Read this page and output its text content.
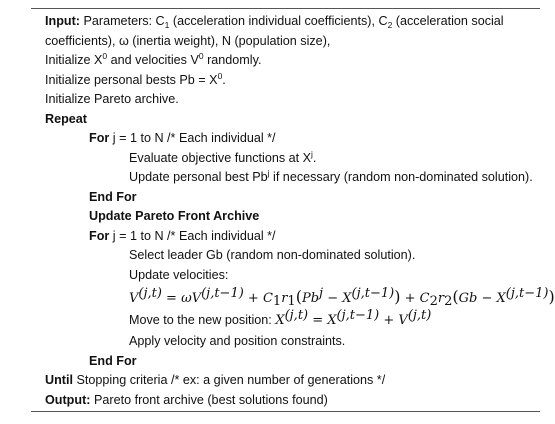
Input: Parameters: $C_1$ (acceleration individual coefficients), $C_2$ (acceleration social
coefficients), ω (inertia weight), N (population size),
Initialize $X^0$ and velocities $V^0$ randomly.
Initialize personal bests $Pb = X^0$.
Initialize Pareto archive.
Repeat
For j = 1 to N /* Each individual */
Evaluate objective functions at $X^j$.
Update personal best Pb$^j$ if necessary (random non-dominated solution).
End For
Update Pareto Front Archive
For j = 1 to N /* Each individual */
Select leader Gb (random non-dominated solution).
Update velocities:
$V^{(j,t)} = \omega V^{(j,t-1)} + C_1r_1(Pb^j - X^{(j,t-1)}) + C_2r_2(Gb - X^{(j,t-1)})$
Move to the new position: $X^{(j,t)} = X^{(j,t-1)} + V^{(j,t)}$
Apply velocity and position constraints.
End For
Until Stopping criteria /* ex: a given number of generations */
Output: Pareto front archive (best solutions found)
